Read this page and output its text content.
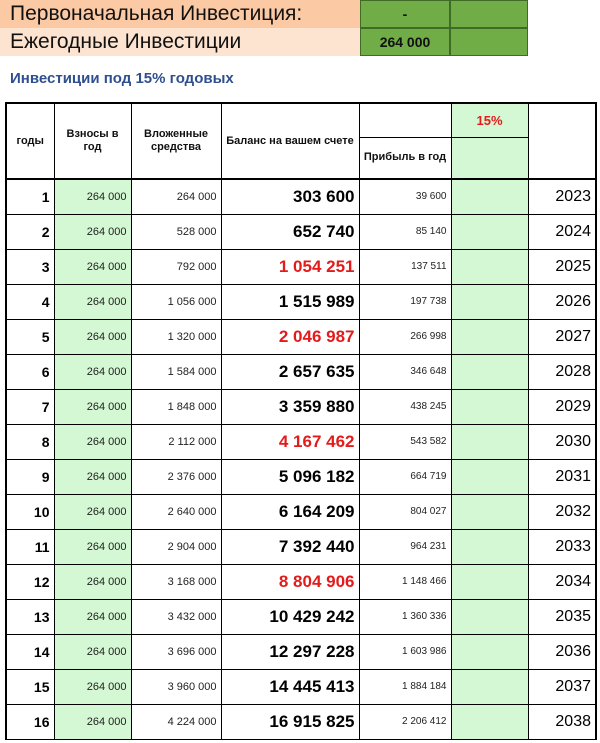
Первоначальная Инвестиция:	-
Ежегодные Инвестиции	264 000
Инвестиции под 15% годовых
годы	Взносы в год	Вложенные средства	Баланс на вашем счете		15%	
				Прибыль в год		
1	264 000	264 000	303 600	39 600		2023
2	264 000	528 000	652 740	85 140		2024
3	264 000	792 000	1 054 251	137 511		2025
4	264 000	1 056 000	1 515 989	197 738		2026
5	264 000	1 320 000	2 046 987	266 998		2027
6	264 000	1 584 000	2 657 635	346 648		2028
7	264 000	1 848 000	3 359 880	438 245		2029
8	264 000	2 112 000	4 167 462	543 582		2030
9	264 000	2 376 000	5 096 182	664 719		2031
10	264 000	2 640 000	6 164 209	804 027		2032
11	264 000	2 904 000	7 392 440	964 231		2033
12	264 000	3 168 000	8 804 906	1 148 466		2034
13	264 000	3 432 000	10 429 242	1 360 336		2035
14	264 000	3 696 000	12 297 228	1 603 986		2036
15	264 000	3 960 000	14 445 413	1 884 184		2037
16	264 000	4 224 000	16 915 825	2 206 412		2038
